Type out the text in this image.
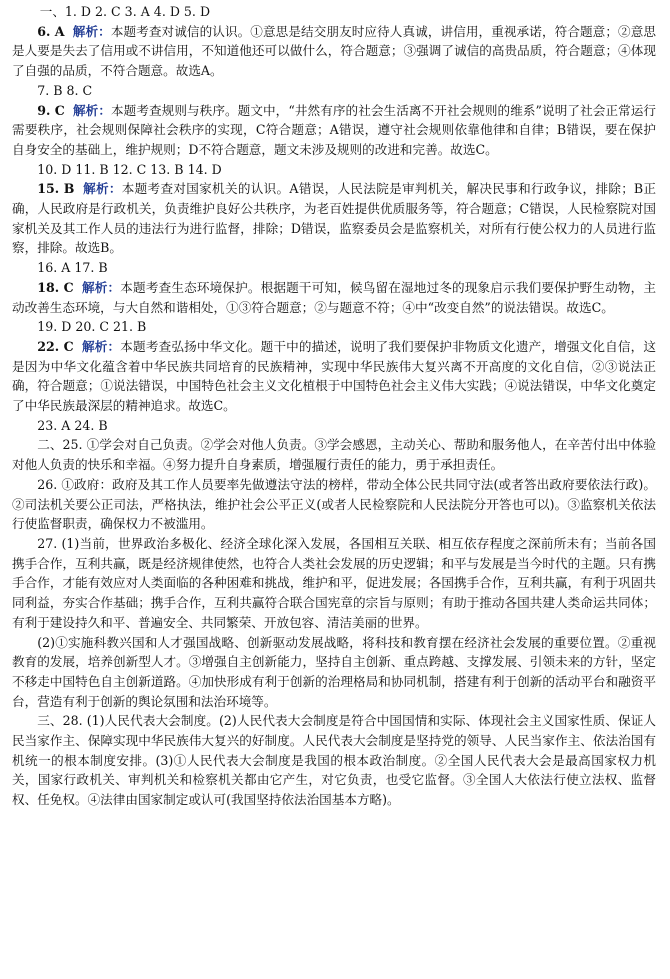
一、1. D 2. C 3. A 4. D 5. D

6. A 解析：本题考查对诚信的认识。①意思是结交朋友时应待人真诚，讲信用，重视承诺，符合题意；②意思是人要是失去了信用或不讲信用，不知道他还可以做什么，符合题意；③强调了诚信的高贵品质，符合题意；④体现了自强的品质，不符合题意。故选A。

7. B 8. C

9. C 解析：本题考查规则与秩序。题文中，“井然有序的社会生活离不开社会规则的维系”说明了社会正常运行需要秩序，社会规则保障社会秩序的实现，C符合题意；A错误，遵守社会规则依靠他律和自律；B错误，要在保护自身安全的基础上，维护规则；D不符合题意，题文未涉及规则的改进和完善。故选C。

10. D 11. B 12. C 13. B 14. D

15. B 解析：本题考查对国家机关的认识。A错误，人民法院是审判机关，解决民事和行政争议，排除；B正确，人民政府是行政机关，负责维护良好公共秩序，为老百姓提供优质服务等，符合题意；C错误，人民检察院对国家机关及其工作人员的违法行为进行监督，排除；D错误，监察委员会是监察机关，对所有行使公权力的人员进行监察，排除。故选B。

16. A 17. B

18. C 解析：本题考查生态环境保护。根据题干可知，候鸟留在湿地过冬的现象启示我们要保护野生动物，主动改善生态环境，与大自然和谐相处，①③符合题意；②与题意不符；④中“改变自然”的说法错误。故选C。

19. D 20. C 21. B

22. C 解析：本题考查弘扬中华文化。题干中的描述，说明了我们要保护非物质文化遗产，增强文化自信，这是因为中华文化蕴含着中华民族共同培育的民族精神，实现中华民族伟大复兴离不开高度的文化自信，②③说法正确，符合题意；①说法错误，中国特色社会主义文化植根于中国特色社会主义伟大实践；④说法错误，中华文化奠定了中华民族最深层的精神追求。故选C。

23. A 24. B

二、25. ①学会对自己负责。②学会对他人负责。③学会感恩，主动关心、帮助和服务他人，在辛苦付出中体验对他人负责的快乐和幸福。④努力提升自身素质，增强履行责任的能力，勇于承担责任。

26. ①政府：政府及其工作人员要率先做遵法守法的榜样，带动全体公民共同守法(或者答出政府要依法行政)。②司法机关要公正司法，严格执法，维护社会公平正义(或者人民检察院和人民法院分开答也可以)。③监察机关依法行使监督职责，确保权力不被滥用。

27. (1)当前，世界政治多极化、经济全球化深入发展，各国相互关联、相互依存程度之深前所未有；当前各国携手合作，互利共赢，既是经济规律使然，也符合人类社会发展的历史逻辑；和平与发展是当今时代的主题。只有携手合作，才能有效应对人类面临的各种困难和挑战，维护和平，促进发展；各国携手合作，互利共赢，有利于巩固共同利益，夯实合作基础；携手合作，互利共赢符合联合国宪章的宗旨与原则；有助于推动各国共建人类命运共同体；有利于建设持久和平、普遍安全、共同繁荣、开放包容、清洁美丽的世界。

(2)①实施科教兴国和人才强国战略、创新驱动发展战略，将科技和教育摆在经济社会发展的重要位置。②重视教育的发展，培养创新型人才。③增强自主创新能力，坚持自主创新、重点跨越、支撑发展、引领未来的方针，坚定不移走中国特色自主创新道路。④加快形成有利于创新的治理格局和协同机制，搭建有利于创新的活动平台和融资平台，营造有利于创新的舆论氛围和法治环境等。

三、28. (1)人民代表大会制度。(2)人民代表大会制度是符合中国国情和实际、体现社会主义国家性质、保证人民当家作主、保障实现中华民族伟大复兴的好制度。人民代表大会制度是坚持党的领导、人民当家作主、依法治国有机统一的根本制度安排。(3)①人民代表大会制度是我国的根本政治制度。②全国人民代表大会是最高国家权力机关，国家行政机关、审判机关和检察机关都由它产生，对它负责，也受它监督。③全国人大依法行使立法权、监督权、任免权。④法律由国家制定或认可(我国坚持依法治国基本方略)。
